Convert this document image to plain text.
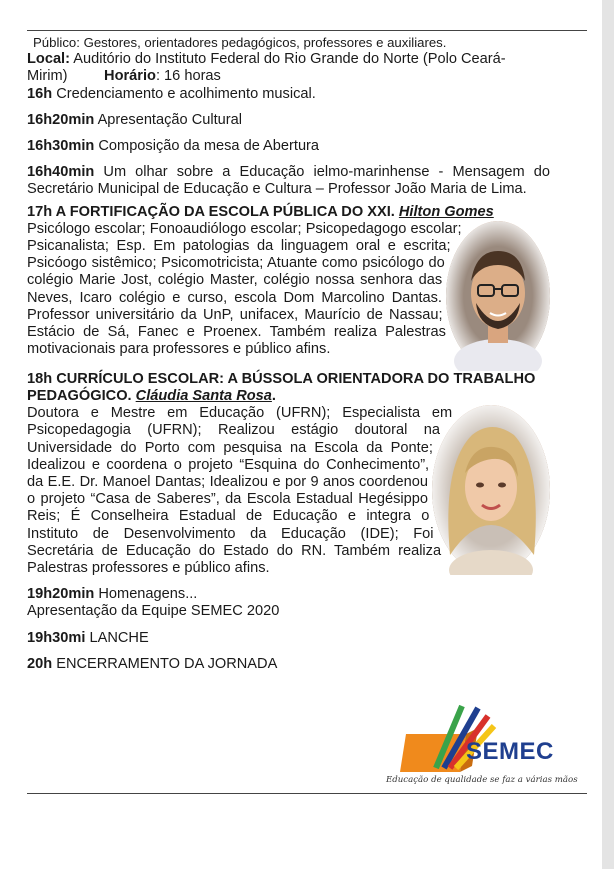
Público: Gestores, orientadores pedagógicos, professores e auxiliares.

Local: Auditório do Instituto Federal do Rio Grande do Norte (Polo Ceará-Mirim)	Horário: 16 horas

16h Credenciamento e acolhimento musical.

16h20min Apresentação Cultural

16h30min Composição da mesa de Abertura

16h40min Um olhar sobre a Educação ielmo-marinhense - Mensagem do Secretário Municipal de Educação e Cultura – Professor João Maria de Lima.

17h A FORTIFICAÇÃO DA ESCOLA PÚBLICA DO XXI. Hilton Gomes

Psicólogo escolar; Fonoaudiólogo escolar; Psicopedagogo escolar; Psicanalista; Esp. Em patologias da linguagem oral e escrita; Psicóogo sistêmico; Psicomotricista; Atuante como psicólogo do colégio Marie Jost, colégio Master, colégio nossa senhora das Neves, Icaro colégio e curso, escola Dom Marcolino Dantas. Professor universitário da UnP, unifacex, Maurício de Nassau; Estácio de Sá, Fanec e Proenex. Também realiza Palestras motivacionais para professores e público afins.

18h CURRÍCULO ESCOLAR: A BÚSSOLA ORIENTADORA DO TRABALHO PEDAGÓGICO. Cláudia Santa Rosa.

Doutora e Mestre em Educação (UFRN); Especialista em Psicopedagogia (UFRN); Realizou estágio doutoral na Universidade do Porto com pesquisa na Escola da Ponte; Idealizou e coordena o projeto “Esquina do Conhecimento”, da E.E. Dr. Manoel Dantas; Idealizou e por 9 anos coordenou o projeto “Casa de Saberes”, da Escola Estadual Hegésippo Reis; É Conselheira Estadual de Educação e integra o Instituto de Desenvolvimento da Educação (IDE); Foi Secretária de Educação do Estado do RN. Também realiza Palestras professores e público afins.

19h20min Homenagens...

Apresentação da Equipe SEMEC 2020

19h30mi LANCHE

20h ENCERRAMENTO DA JORNADA

SEMEC
Educação de qualidade se faz a várias mãos
